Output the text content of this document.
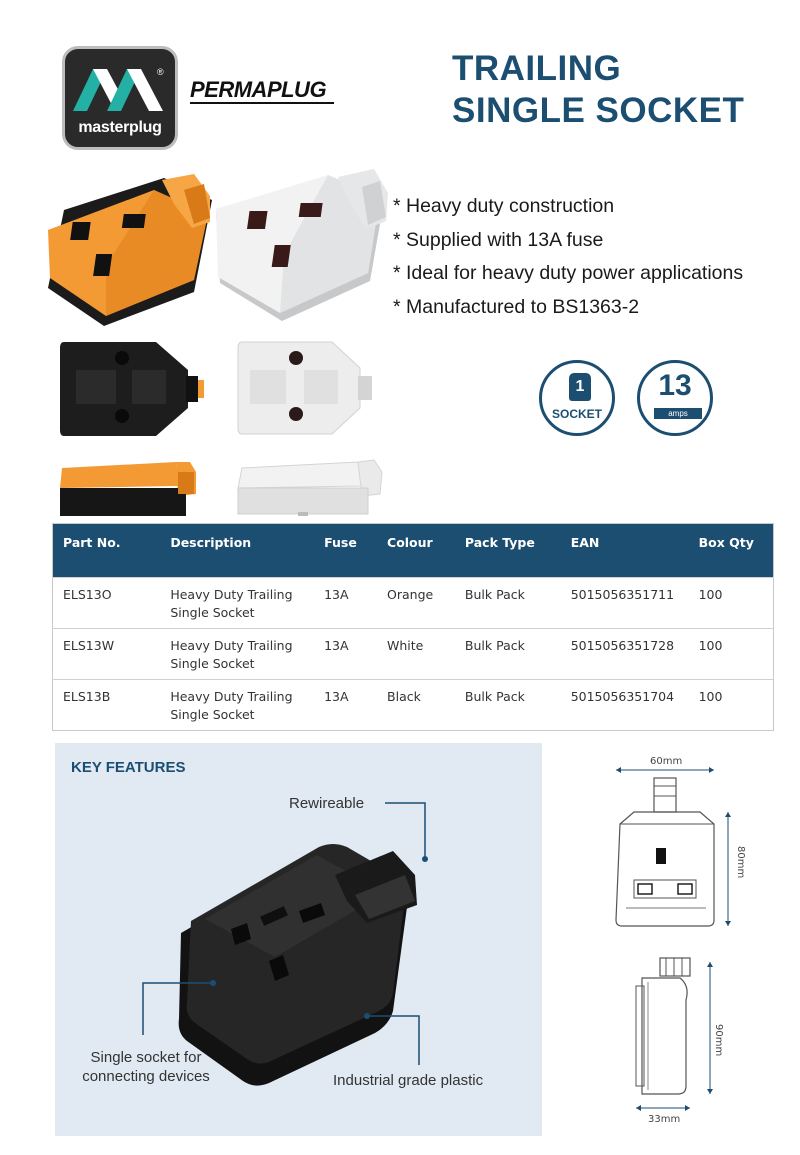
®
masterplug
PERMAPLUG
TRAILING
SINGLE SOCKET
* Heavy duty construction
* Supplied with 13A fuse
* Ideal for heavy duty power applications
* Manufactured to BS1363-2
1
SOCKET
13
amps
Part No.	Description	Fuse	Colour	Pack Type	EAN	Box Qty
ELS13O	Heavy Duty Trailing
Single Socket	13A	Orange	Bulk Pack	5015056351711	100
ELS13W	Heavy Duty Trailing
Single Socket	13A	White	Bulk Pack	5015056351728	100
ELS13B	Heavy Duty Trailing
Single Socket	13A	Black	Bulk Pack	5015056351704	100
KEY FEATURES
Rewireable
Single socket for
connecting devices	Industrial grade plastic
60mm
80mm
90mm
33mm
